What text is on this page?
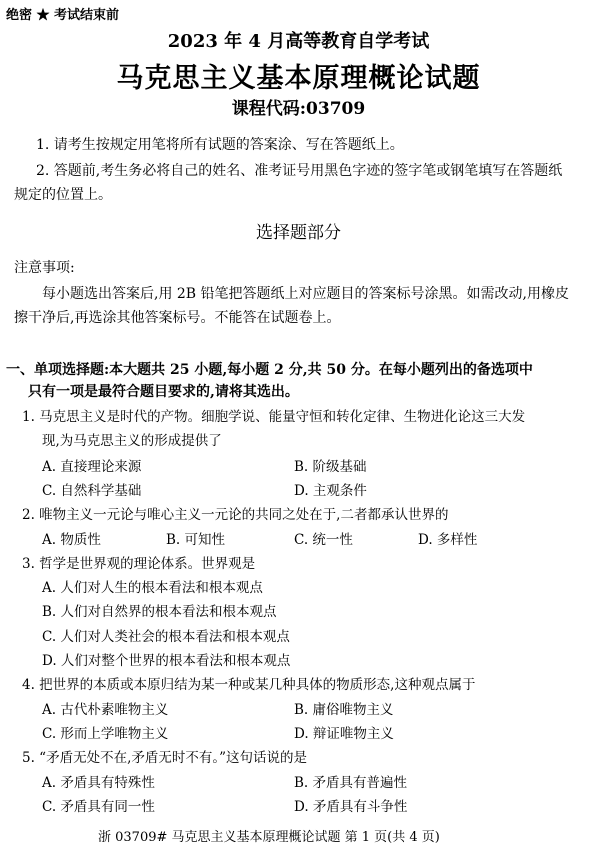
绝密 ★ 考试结束前
2023 年 4 月高等教育自学考试
马克思主义基本原理概论试题
课程代码:03709
1. 请考生按规定用笔将所有试题的答案涂、写在答题纸上。
2. 答题前,考生务必将自己的姓名、准考证号用黑色字迹的签字笔或钢笔填写在答题纸
规定的位置上。
选择题部分
注意事项:
每小题选出答案后,用 2B 铅笔把答题纸上对应题目的答案标号涂黑。如需改动,用橡皮
擦干净后,再选涂其他答案标号。不能答在试题卷上。
一、单项选择题:本大题共 25 小题,每小题 2 分,共 50 分。在每小题列出的备选项中
只有一项是最符合题目要求的,请将其选出。
1. 马克思主义是时代的产物。细胞学说、能量守恒和转化定律、生物进化论这三大发
现,为马克思主义的形成提供了
A. 直接理论来源	B. 阶级基础
C. 自然科学基础	D. 主观条件
2. 唯物主义一元论与唯心主义一元论的共同之处在于,二者都承认世界的
A. 物质性	B. 可知性	C. 统一性	D. 多样性
3. 哲学是世界观的理论体系。世界观是
A. 人们对人生的根本看法和根本观点
B. 人们对自然界的根本看法和根本观点
C. 人们对人类社会的根本看法和根本观点
D. 人们对整个世界的根本看法和根本观点
4. 把世界的本质或本原归结为某一种或某几种具体的物质形态,这种观点属于
A. 古代朴素唯物主义	B. 庸俗唯物主义
C. 形而上学唯物主义	D. 辩证唯物主义
5. “矛盾无处不在,矛盾无时不有。”这句话说的是
A. 矛盾具有特殊性	B. 矛盾具有普遍性
C. 矛盾具有同一性	D. 矛盾具有斗争性
浙 03709# 马克思主义基本原理概论试题 第 1 页(共 4 页)
